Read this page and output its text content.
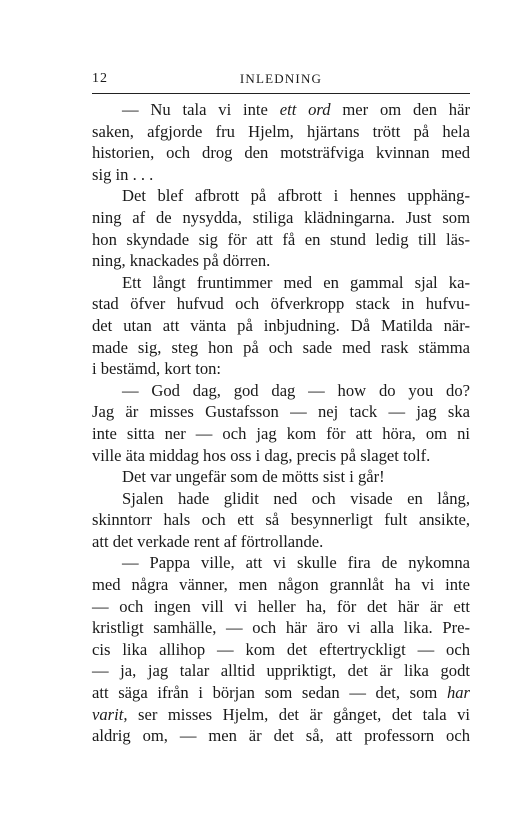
12	INLEDNING
— Nu tala vi inte ett ord mer om den här
saken, afgjorde fru Hjelm, hjärtans trött på hela
historien, och drog den motsträfviga kvinnan med
sig in . . .
Det blef afbrott på afbrott i hennes upphäng-
ning af de nysydda, stiliga klädningarna. Just som
hon skyndade sig för att få en stund ledig till läs-
ning, knackades på dörren.
Ett långt fruntimmer med en gammal sjal ka-
stad öfver hufvud och öfverkropp stack in hufvu-
det utan att vänta på inbjudning. Då Matilda när-
made sig, steg hon på och sade med rask stämma
i bestämd, kort ton:
— God dag, god dag — how do you do?
Jag är misses Gustafsson — nej tack — jag ska
inte sitta ner — och jag kom för att höra, om ni
ville äta middag hos oss i dag, precis på slaget tolf.
Det var ungefär som de mötts sist i går!
Sjalen hade glidit ned och visade en lång,
skinntorr hals och ett så besynnerligt fult ansikte,
att det verkade rent af förtrollande.
— Pappa ville, att vi skulle fira de nykomna
med några vänner, men någon grannlåt ha vi inte
— och ingen vill vi heller ha, för det här är ett
kristligt samhälle, — och här äro vi alla lika. Pre-
cis lika allihop — kom det eftertryckligt — och
— ja, jag talar alltid uppriktigt, det är lika godt
att säga ifrån i början som sedan — det, som har
varit, ser misses Hjelm, det är gånget, det tala vi
aldrig om, — men är det så, att professorn och
